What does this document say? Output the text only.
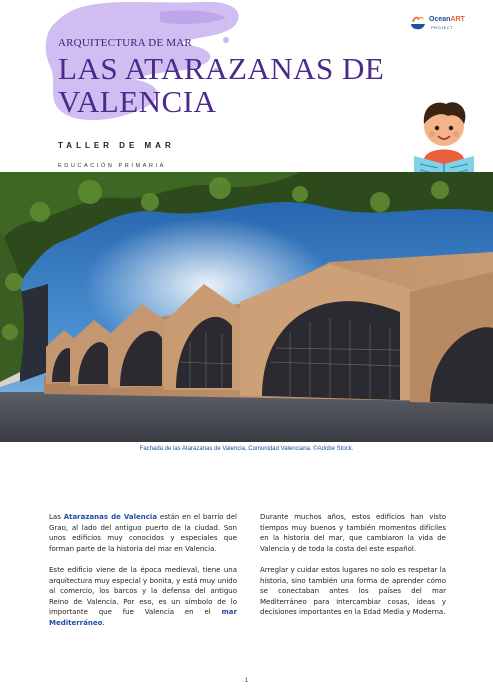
OceanART
PROJECT
ARQUITECTURA DE MAR
LAS ATARAZANAS DE
VALENCIA
TALLER DE MAR
EDUCACIÓN PRIMARIA
Fachada de las Atarazanas de Valencia, Comunidad Valenciana. ©Adobe Stock.

Las Atarazanas de Valencia están en el barrio del Grao, al lado del antiguo puerto de la ciudad. Son unos edificios muy conocidos y especiales que forman parte de la historia del mar en Valencia.

Este edificio viene de la época medieval, tiene una arquitectura muy especial y bonita, y está muy unido al comercio, los barcos y la defensa del antiguo Reino de Valencia. Por eso, es un símbolo de lo importante que fue Valencia en el mar Mediterráneo.

Durante muchos años, estos edificios han visto tiempos muy buenos y también momentos difíciles en la historia del mar, que cambiaron la vida de Valencia y de toda la costa del este español.

Arreglar y cuidar estos lugares no solo es respetar la historia, sino también una forma de aprender cómo se conectaban antes los países del mar Mediterráneo para intercambiar cosas, ideas y decisiones importantes en la Edad Media y Moderna.

1
